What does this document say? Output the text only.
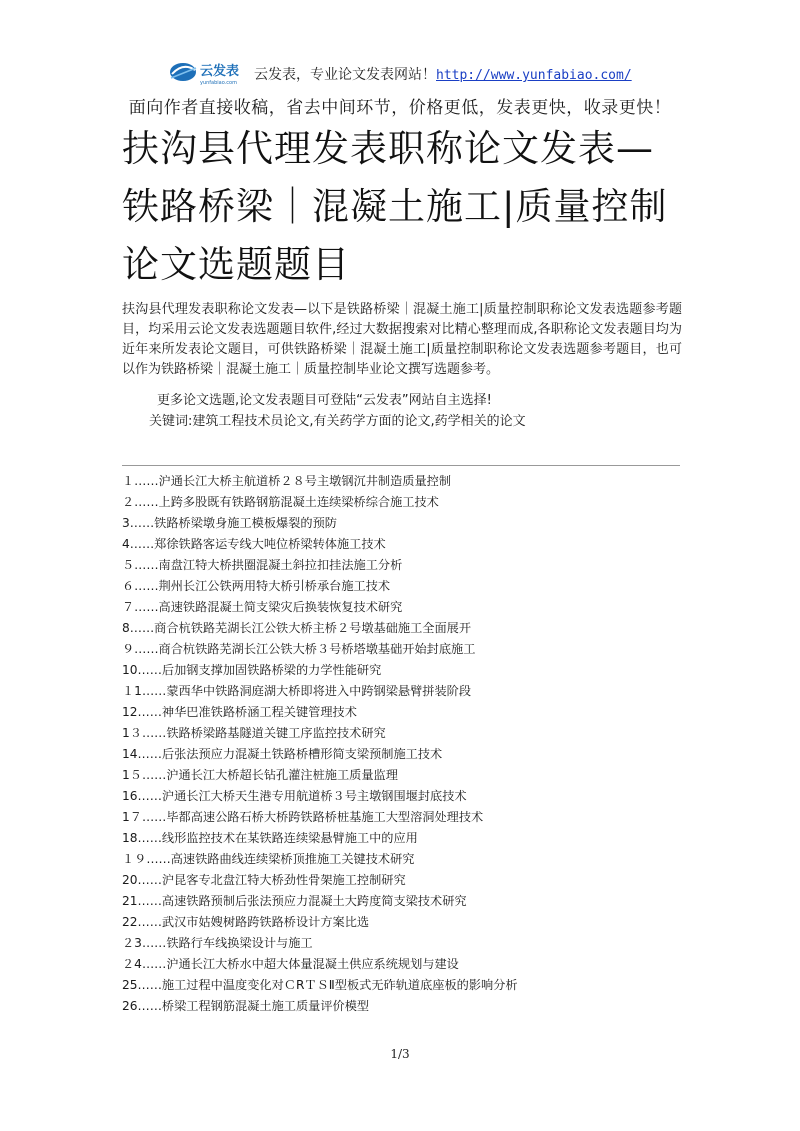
云发表
yunfabiao.com 云发表，专业论文发表网站！http://www.yunfabiao.com/
面向作者直接收稿，省去中间环节，价格更低，发表更快，收录更快！
扶沟县代理发表职称论文发表—铁路桥梁｜混凝土施工|质量控制论文选题题目

扶沟县代理发表职称论文发表—以下是铁路桥梁｜混凝土施工|质量控制职称论文发表选题参考题目，均采用云论文发表选题题目软件,经过大数据搜索对比精心整理而成,各职称论文发表题目均为近年来所发表论文题目，可供铁路桥梁｜混凝土施工|质量控制职称论文发表选题参考题目，也可以作为铁路桥梁｜混凝土施工｜质量控制毕业论文撰写选题参考。

更多论文选题,论文发表题目可登陆“云发表”网站自主选择!
关键词:建筑工程技术员论文,有关药学方面的论文,药学相关的论文
１……沪通长江大桥主航道桥２８号主墩钢沉井制造质量控制
２……上跨多股既有铁路钢筋混凝土连续梁桥综合施工技术
3……铁路桥梁墩身施工模板爆裂的预防
4……郑徐铁路客运专线大吨位桥梁转体施工技术
５……南盘江特大桥拱圈混凝土斜拉扣挂法施工分析
６……荆州长江公铁两用特大桥引桥承台施工技术
７……高速铁路混凝土简支梁灾后换装恢复技术研究
8……商合杭铁路芜湖长江公铁大桥主桥２号墩基础施工全面展开
９……商合杭铁路芜湖长江公铁大桥３号桥塔墩基础开始封底施工
10……后加钢支撑加固铁路桥梁的力学性能研究
１1……蒙西华中铁路洞庭湖大桥即将进入中跨钢梁悬臂拼装阶段
12……神华巴准铁路桥涵工程关键管理技术
1３……铁路桥梁路基隧道关键工序监控技术研究
14……后张法预应力混凝土铁路桥槽形简支梁预制施工技术
1５……沪通长江大桥超长钻孔灌注桩施工质量监理
16……沪通长江大桥天生港专用航道桥３号主墩钢围堰封底技术
1７……毕都高速公路石桥大桥跨铁路桥桩基施工大型溶洞处理技术
18……线形监控技术在某铁路连续梁悬臂施工中的应用
１９……高速铁路曲线连续梁桥顶推施工关键技术研究
20……沪昆客专北盘江特大桥劲性骨架施工控制研究
21……高速铁路预制后张法预应力混凝土大跨度简支梁技术研究
22……武汉市姑嫂树路跨铁路桥设计方案比选
２3……铁路行车线换梁设计与施工
２4……沪通长江大桥水中超大体量混凝土供应系统规划与建设
25……施工过程中温度变化对ＣRＴＳⅡ型板式无砟轨道底座板的影响分析
26……桥梁工程钢筋混凝土施工质量评价模型
1/3
